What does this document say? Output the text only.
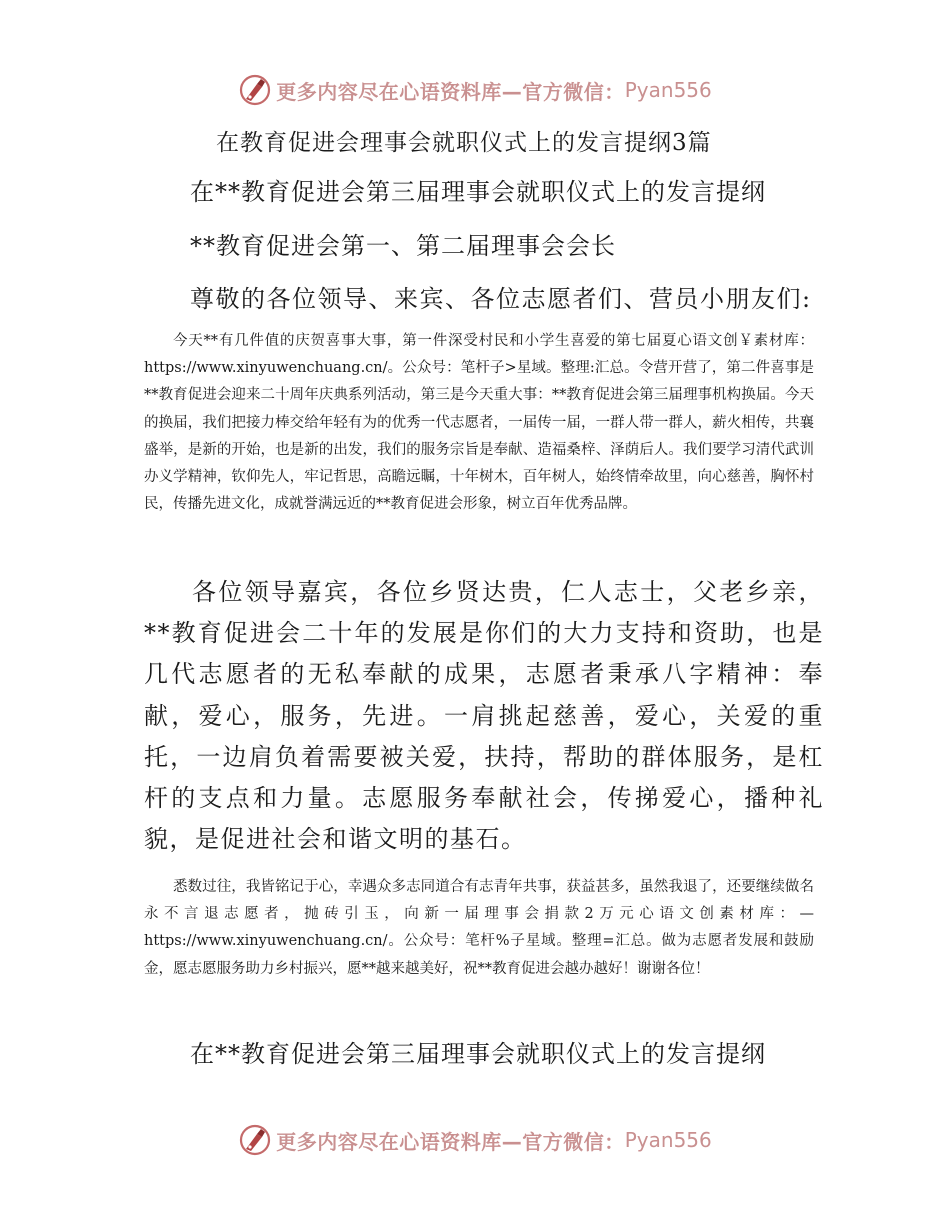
更多内容尽在心语资料库—官方微信： Pyan556
在教育促进会理事会就职仪式上的发言提纲3篇
在**教育促进会第三届理事会就职仪式上的发言提纲
**教育促进会第一、第二届理事会会长
尊敬的各位领导、来宾、各位志愿者们、营员小朋友们:

今天**有几件值的庆贺喜事大事，第一件深受村民和小学生喜爱的第七届夏心语文创￥素材库：https://www.xinyuwenchuang.cn/。公众号：笔杆子>星域。整理:汇总。令营开营了，第二件喜事是**教育促进会迎来二十周年庆典系列活动，第三是今天重大事：**教育促进会第三届理事机构换届。今天的换届，我们把接力棒交给年轻有为的优秀一代志愿者，一届传一届，一群人带一群人，薪火相传，共襄盛举，是新的开始，也是新的出发，我们的服务宗旨是奉献、造福桑梓、泽荫后人。我们要学习清代武训办义学精神，钦仰先人，牢记哲思，高瞻远瞩，十年树木，百年树人，始终情牵故里，向心慈善，胸怀村民，传播先进文化，成就誉满远近的**教育促进会形象，树立百年优秀品牌。

各位领导嘉宾，各位乡贤达贵，仁人志士，父老乡亲，**教育促进会二十年的发展是你们的大力支持和资助，也是几代志愿者的无私奉献的成果，志愿者秉承八字精神：奉献，爱心，服务，先进。一肩挑起慈善，爱心，关爱的重托，一边肩负着需要被关爱，扶持，帮助的群体服务，是杠杆的支点和力量。志愿服务奉献社会，传挮爱心，播种礼貌，是促进社会和谐文明的基石。

悉数过往，我皆铭记于心，幸遇众多志同道合有志青年共事，获益甚多，虽然我退了，还要继续做名永不言退志愿者，抛砖引玉，向新一届理事会捐款2万元心语文创素材库：—https://www.xinyuwenchuang.cn/。公众号：笔杆%子星域。整理=汇总。做为志愿者发展和鼓励金，愿志愿服务助力乡村振兴，愿**越来越美好，祝**教育促进会越办越好！谢谢各位！

在**教育促进会第三届理事会就职仪式上的发言提纲
更多内容尽在心语资料库—官方微信： Pyan556
